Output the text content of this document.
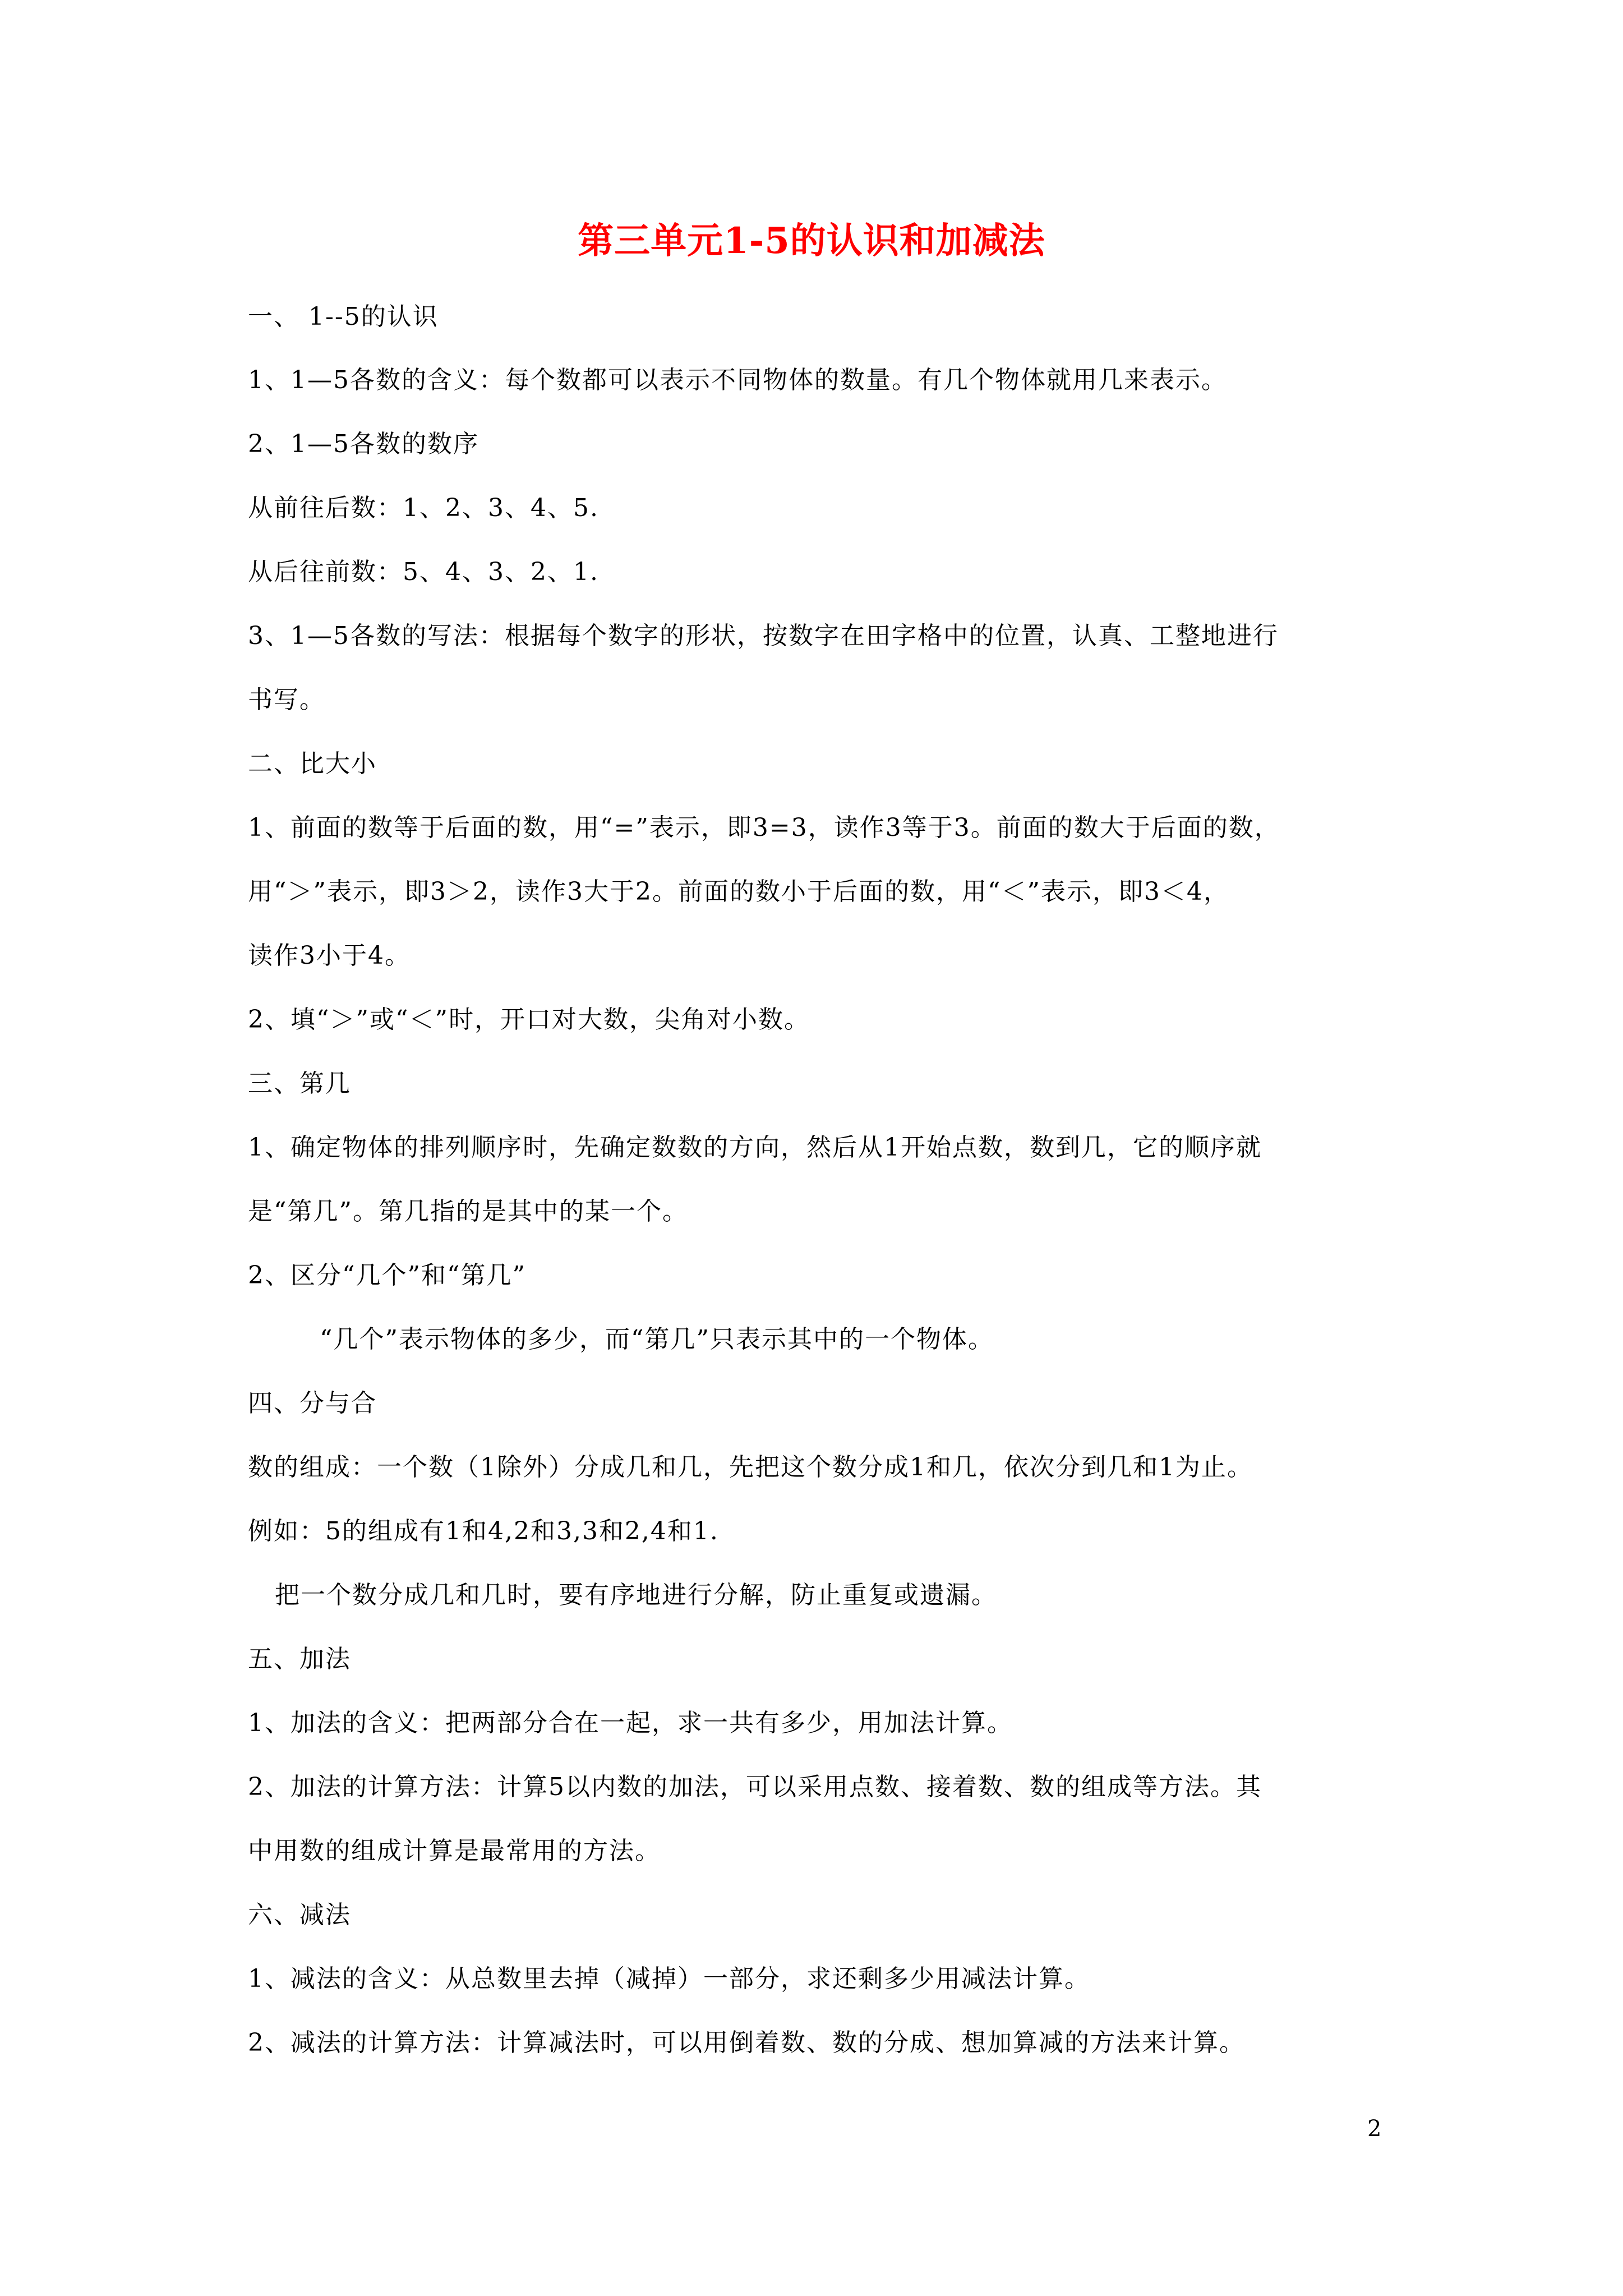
第三单元1-5的认识和加减法
一、 1--5的认识
1、1—5各数的含义：每个数都可以表示不同物体的数量。有几个物体就用几来表示。
2、1—5各数的数序
从前往后数：1、2、3、4、5.
从后往前数：5、4、3、2、1.
3、1—5各数的写法：根据每个数字的形状，按数字在田字格中的位置，认真、工整地进行
书写。
二、比大小
1、前面的数等于后面的数，用“=”表示，即3=3，读作3等于3。前面的数大于后面的数，
用“＞”表示，即3＞2，读作3大于2。前面的数小于后面的数，用“＜”表示，即3＜4，
读作3小于4。
2、填“＞”或“＜”时，开口对大数，尖角对小数。
三、第几
1、确定物体的排列顺序时，先确定数数的方向，然后从1开始点数，数到几，它的顺序就
是“第几”。第几指的是其中的某一个。
2、区分“几个”和“第几”
“几个”表示物体的多少，而“第几”只表示其中的一个物体。
四、分与合
数的组成：一个数（1除外）分成几和几，先把这个数分成1和几，依次分到几和1为止。
例如：5的组成有1和4,2和3,3和2,4和1.
把一个数分成几和几时，要有序地进行分解，防止重复或遗漏。
五、加法
1、加法的含义：把两部分合在一起，求一共有多少，用加法计算。
2、加法的计算方法：计算5以内数的加法，可以采用点数、接着数、数的组成等方法。其
中用数的组成计算是最常用的方法。
六、减法
1、减法的含义：从总数里去掉（减掉）一部分，求还剩多少用减法计算。
2、减法的计算方法：计算减法时，可以用倒着数、数的分成、想加算减的方法来计算。
2
